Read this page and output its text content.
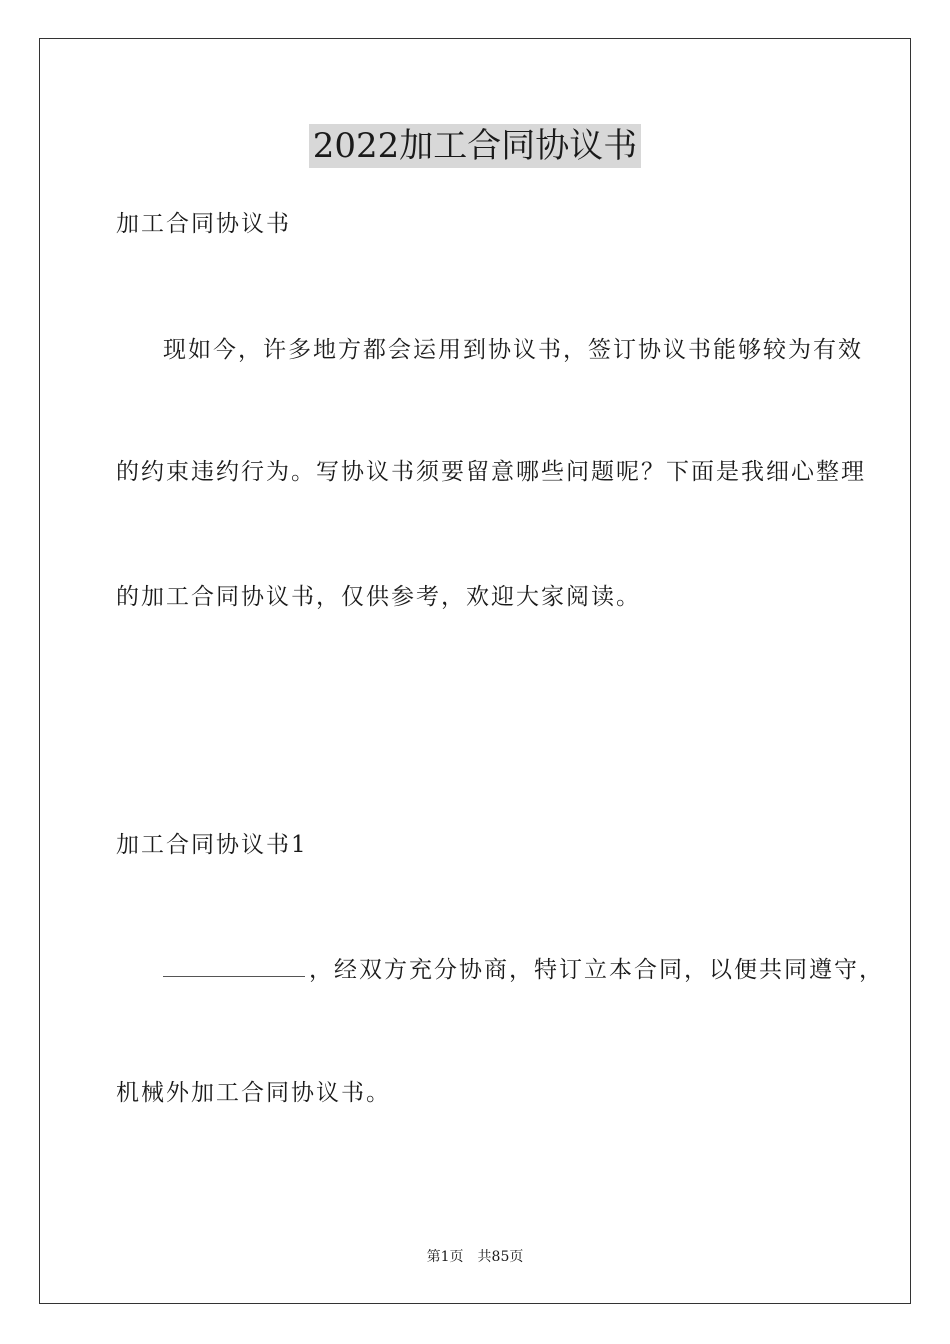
2022加工合同协议书
加工合同协议书
现如今，许多地方都会运用到协议书，签订协议书能够较为有效
的约束违约行为。写协议书须要留意哪些问题呢？下面是我细心整理
的加工合同协议书，仅供参考，欢迎大家阅读。
加工合同协议书1
，经双方充分协商，特订立本合同，以便共同遵守，
机械外加工合同协议书。
第1页 共85页
